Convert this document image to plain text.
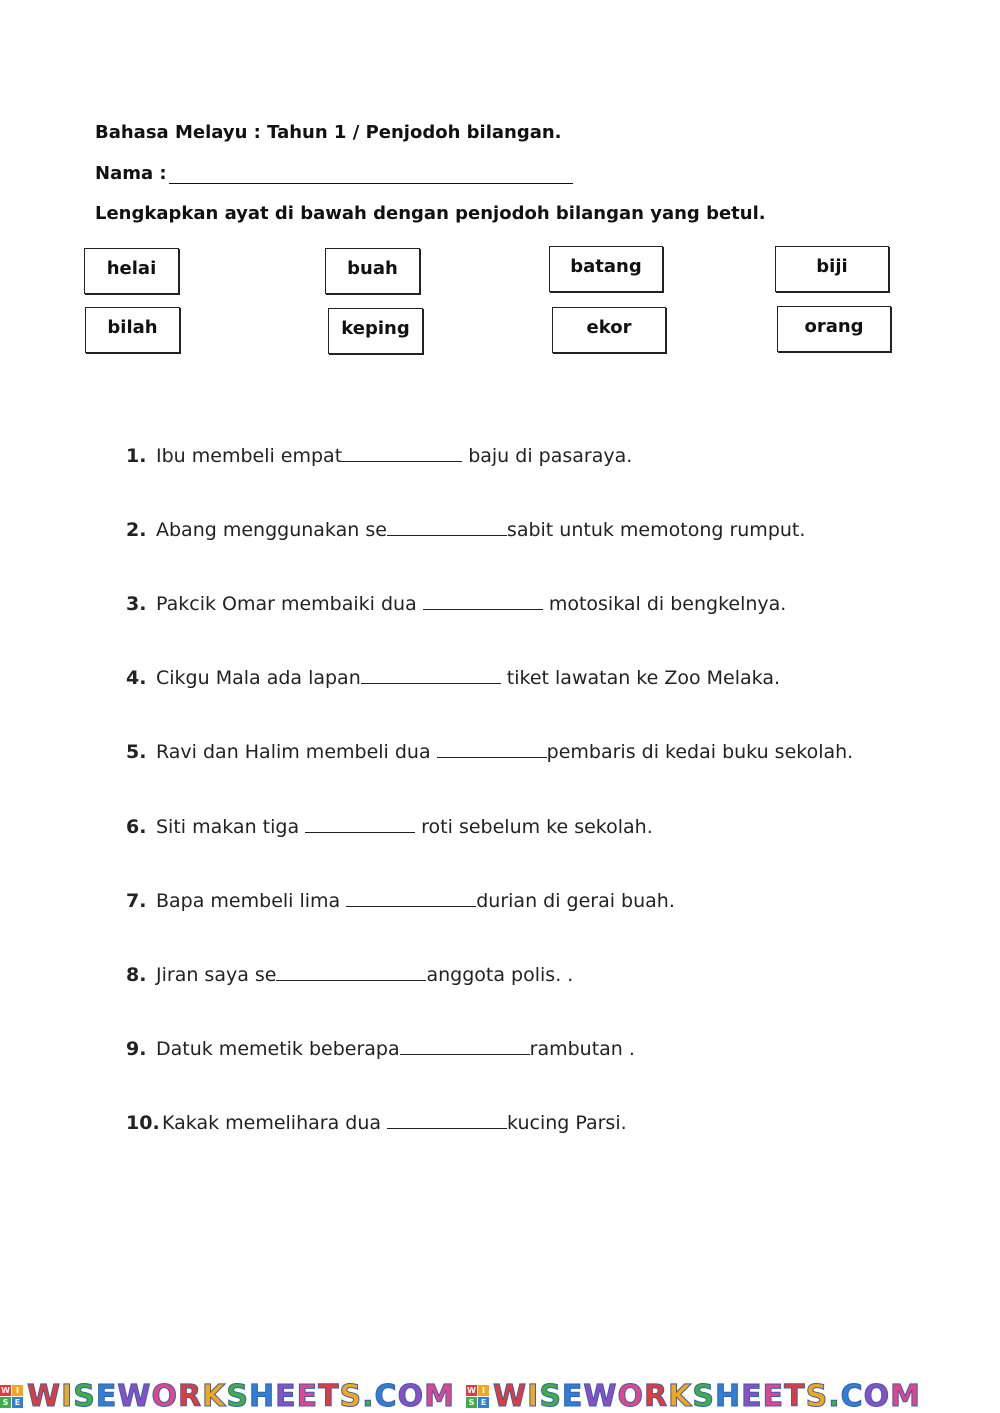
Bahasa Melayu : Tahun 1 / Penjodoh bilangan.

Nama :

Lengkapkan ayat di bawah dengan penjodoh bilangan yang betul.

helai	buah	batang	biji
bilah	keping	ekor	orang

1. Ibu membeli empat	baju di pasaraya.

2. Abang menggunakan se	sabit untuk memotong rumput.

3. Pakcik Omar membaiki dua	motosikal di bengkelnya.

4. Cikgu Mala ada lapan	tiket lawatan ke Zoo Melaka.

5. Ravi dan Halim membeli dua	pembaris di kedai buku sekolah.

6. Siti makan tiga	roti sebelum ke sekolah.

7. Bapa membeli lima	durian di gerai buah.

8. Jiran saya se	anggota polis. .

9. Datuk memetik beberapa	rambutan .

10. Kakak memelihara dua	kucing Parsi.

W I
S E WISEWORKSHEETS.COM
W I
S E WISEWORKSHEETS.COM
